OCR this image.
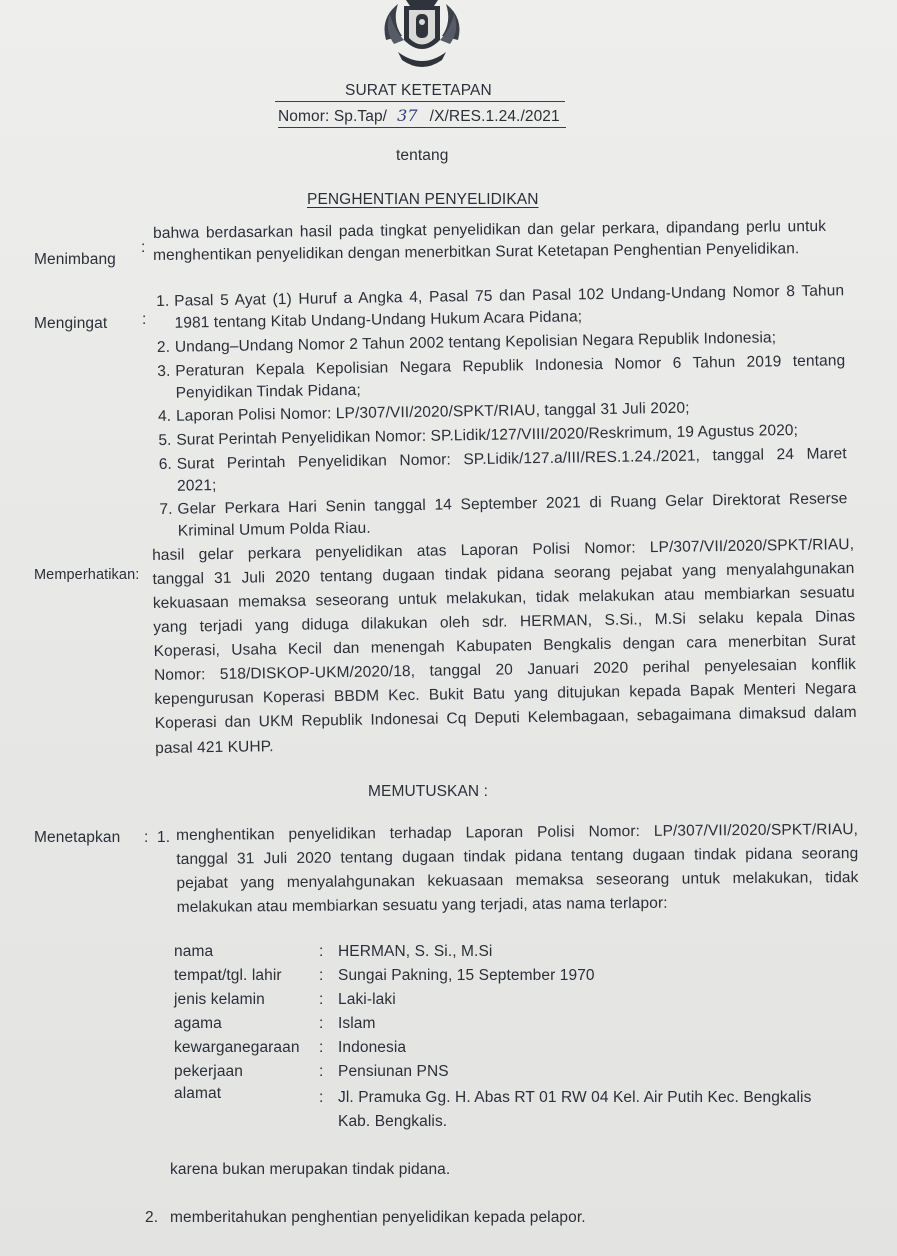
SURAT KETETAPAN
Nomor: Sp.Tap/ 37 /X/RES.1.24./2021
tentang
PENGHENTIAN PENYELIDIKAN
Menimbang
:
bahwa berdasarkan hasil pada tingkat penyelidikan dan gelar perkara, dipandang perlu untuk
menghentikan penyelidikan dengan menerbitkan Surat Ketetapan Penghentian Penyelidikan.
Mengingat :
1. Pasal 5 Ayat (1) Huruf a Angka 4, Pasal 75 dan Pasal 102 Undang-Undang Nomor 8 Tahun
1981 tentang Kitab Undang-Undang Hukum Acara Pidana;
2. Undang–Undang Nomor 2 Tahun 2002 tentang Kepolisian Negara Republik Indonesia;
3. Peraturan Kepala Kepolisian Negara Republik Indonesia Nomor 6 Tahun 2019 tentang
Penyidikan Tindak Pidana;
4. Laporan Polisi Nomor: LP/307/VII/2020/SPKT/RIAU, tanggal 31 Juli 2020;
5. Surat Perintah Penyelidikan Nomor: SP.Lidik/127/VIII/2020/Reskrimum, 19 Agustus 2020;
6. Surat Perintah Penyelidikan Nomor: SP.Lidik/127.a/III/RES.1.24./2021, tanggal 24 Maret
2021;
7. Gelar Perkara Hari Senin tanggal 14 September 2021 di Ruang Gelar Direktorat Reserse
Kriminal Umum Polda Riau.
Memperhatikan:
hasil gelar perkara penyelidikan atas Laporan Polisi Nomor: LP/307/VII/2020/SPKT/RIAU,
tanggal 31 Juli 2020 tentang dugaan tindak pidana seorang pejabat yang menyalahgunakan
kekuasaan memaksa seseorang untuk melakukan, tidak melakukan atau membiarkan sesuatu
yang terjadi yang diduga dilakukan oleh sdr. HERMAN, S.Si., M.Si selaku kepala Dinas
Koperasi, Usaha Kecil dan menengah Kabupaten Bengkalis dengan cara menerbitan Surat
Nomor: 518/DISKOP-UKM/2020/18, tanggal 20 Januari 2020 perihal penyelesaian konflik
kepengurusan Koperasi BBDM Kec. Bukit Batu yang ditujukan kepada Bapak Menteri Negara
Koperasi dan UKM Republik Indonesai Cq Deputi Kelembagaan, sebagaimana dimaksud dalam
pasal 421 KUHP.
MEMUTUSKAN :
Menetapkan : 1. menghentikan penyelidikan terhadap Laporan Polisi Nomor: LP/307/VII/2020/SPKT/RIAU,
tanggal 31 Juli 2020 tentang dugaan tindak pidana tentang dugaan tindak pidana seorang
pejabat yang menyalahgunakan kekuasaan memaksa seseorang untuk melakukan, tidak
melakukan atau membiarkan sesuatu yang terjadi, atas nama terlapor:
nama	: HERMAN, S. Si., M.Si
tempat/tgl. lahir : Sungai Pakning, 15 September 1970
jenis kelamin	: Laki-laki
agama	: Islam
kewarganegaraan : Indonesia
pekerjaan	: Pensiunan PNS
alamat	: Jl. Pramuka Gg. H. Abas RT 01 RW 04 Kel. Air Putih Kec. Bengkalis
Kab. Bengkalis.
karena bukan merupakan tindak pidana.
2. memberitahukan penghentian penyelidikan kepada pelapor.
